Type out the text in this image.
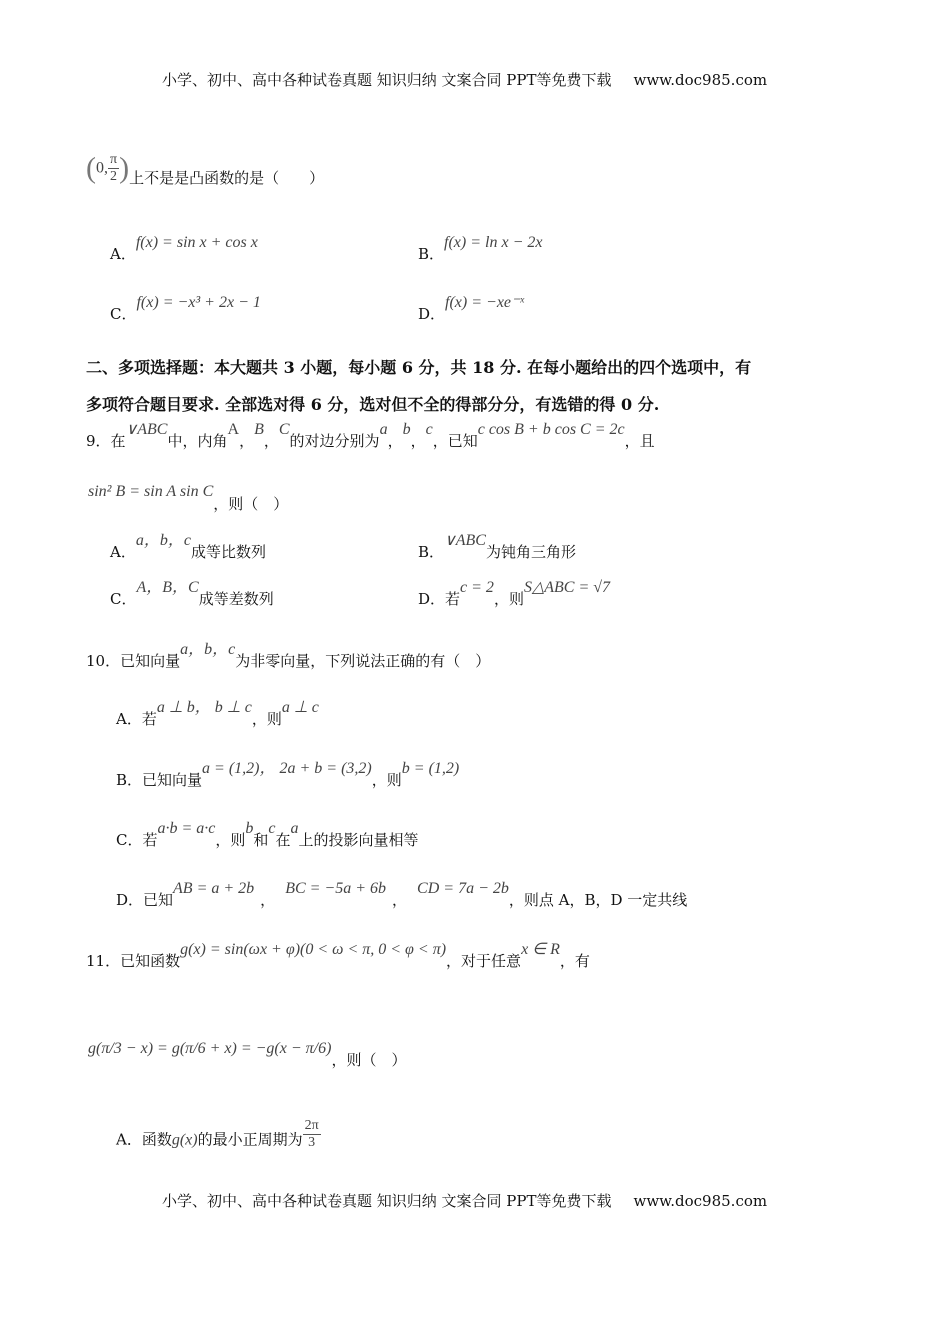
小学、初中、高中各种试卷真题 知识归纳 文案合同 PPT等免费下载 www.doc985.com
(0, $\frac{\pi}{2}$ )上不是是凸函数的是（　　）
A．f(x) = sin x + cos x
B．f(x) = ln x − 2x
C．f(x) = −x³ + 2x − 1
D．f(x) = −xe⁻ˣ
二、多项选择题：本大题共 3 小题，每小题 6 分，共 18 分. 在每小题给出的四个选项中，有
多项符合题目要求. 全部选对得 6 分，选对但不全的得部分分，有选错的得 0 分.
9．在∨ABC中，内角A，B，C的对边分别为a，b，c，已知c cos B + b cos C = 2c，且
sin² B = sin A sin C，则（　）
A．a，b，c成等比数列	B．∨ABC为钝角三角形
C．A，B，C成等差数列	D．若c = 2，则S△ABC = √7
10．已知向量a，b，c为非零向量，下列说法正确的有（　）
A．若a ⊥ b， b ⊥ c，则a ⊥ c
B．已知向量a = (1,2)， 2a + b = (3,2)，则b = (1,2)
C．若a·b = a·c，则b和c在a上的投影向量相等
D．已知AB = a + 2b，BC = −5a + 6b，CD = 7a − 2b，则点 A，B，D 一定共线
11．已知函数g(x) = sin(ωx + φ)(0 < ω < π, 0 < φ < π)，对于任意x ∈ R，有
g(π/3 − x) = g(π/6 + x) = −g(x − π/6)，则（　）
A．函数g(x)的最小正周期为 $\frac{2\pi}{3}$
小学、初中、高中各种试卷真题 知识归纳 文案合同 PPT等免费下载 www.doc985.com
